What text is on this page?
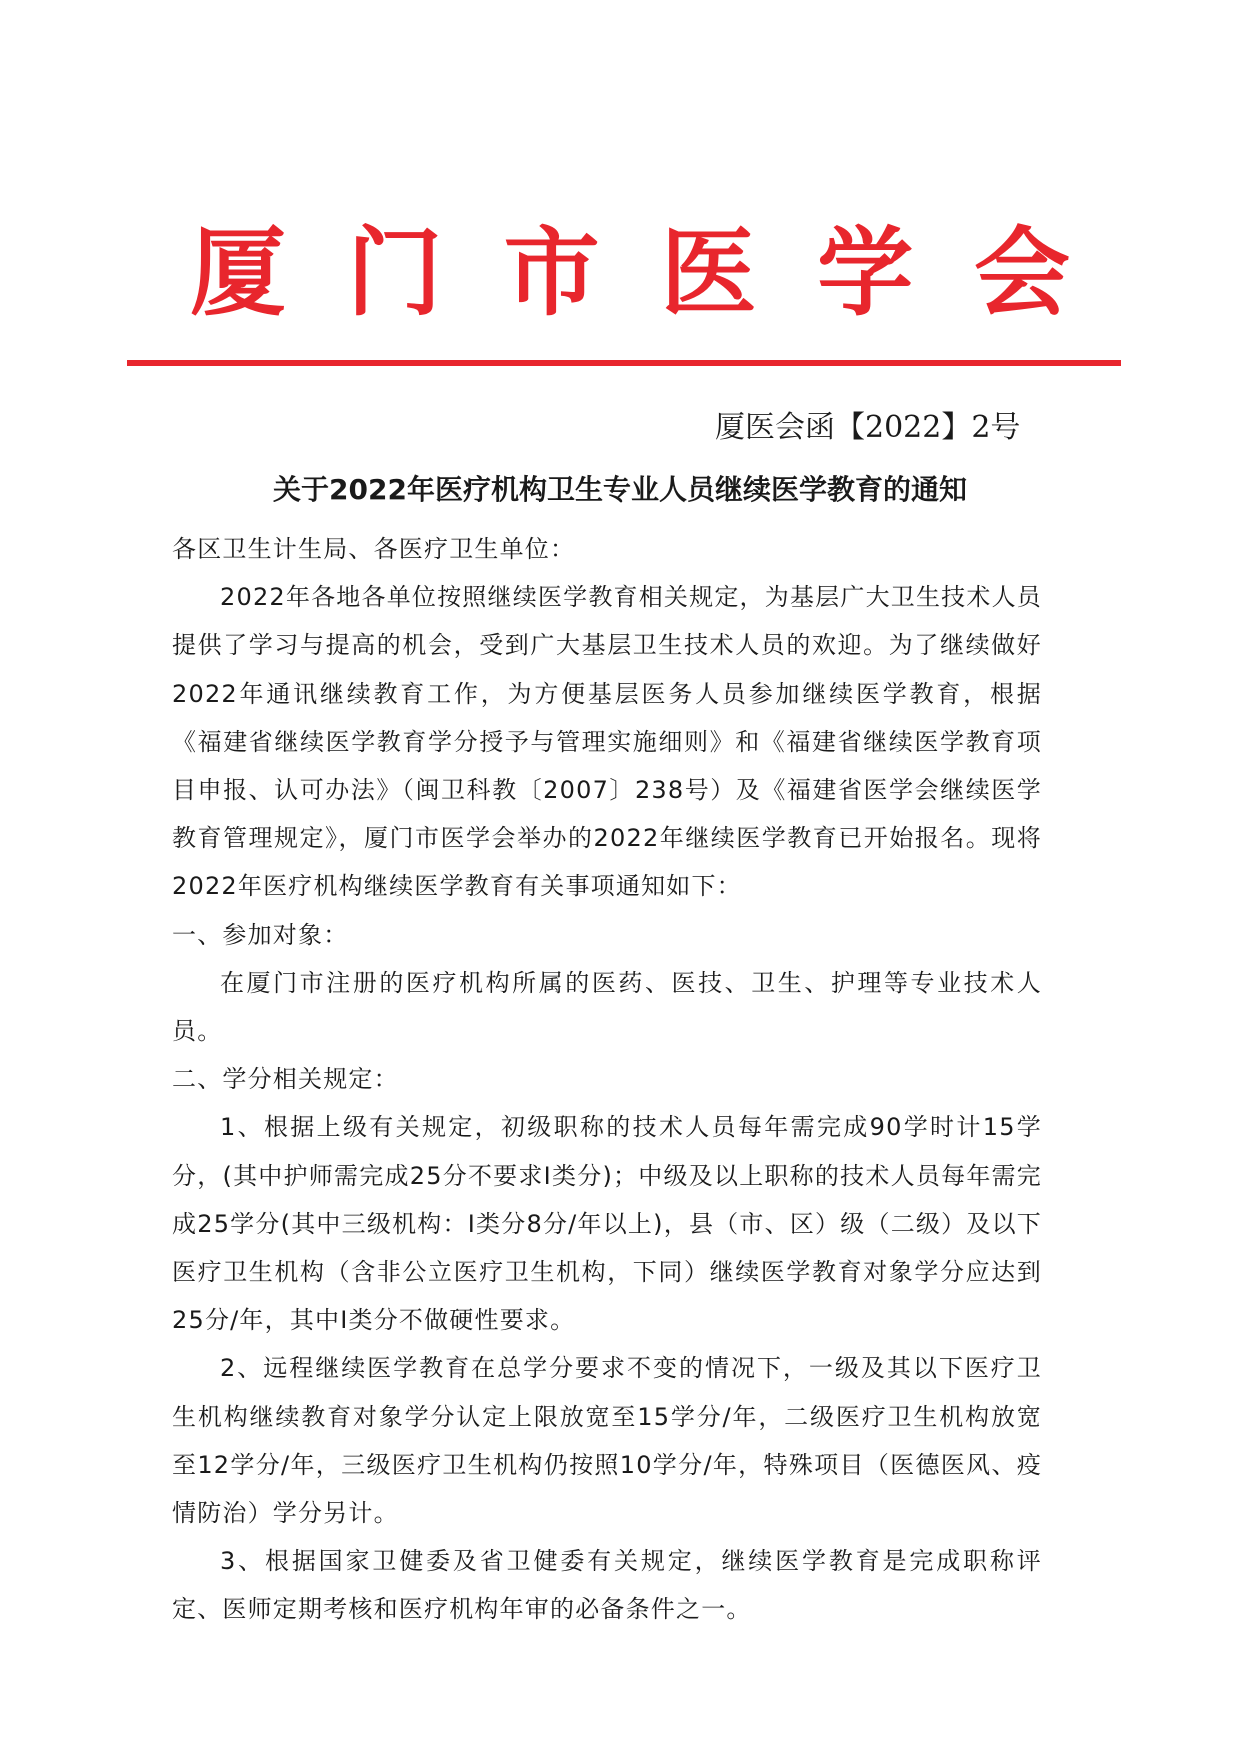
厦 门 市 医 学 会
厦医会函【2022】2号
关于2022年医疗机构卫生专业人员继续医学教育的通知

各区卫生计生局、各医疗卫生单位：

2022年各地各单位按照继续医学教育相关规定，为基层广大卫生技术人员提供了学习与提高的机会，受到广大基层卫生技术人员的欢迎。为了继续做好2022年通讯继续教育工作，为方便基层医务人员参加继续医学教育，根据《福建省继续医学教育学分授予与管理实施细则》和《福建省继续医学教育项目申报、认可办法》（闽卫科教〔2007〕238号）及《福建省医学会继续医学教育管理规定》，厦门市医学会举办的2022年继续医学教育已开始报名。现将2022年医疗机构继续医学教育有关事项通知如下：

一、参加对象：

在厦门市注册的医疗机构所属的医药、医技、卫生、护理等专业技术人员。

二、学分相关规定：

1、根据上级有关规定，初级职称的技术人员每年需完成90学时计15学分，(其中护师需完成25分不要求Ⅰ类分)；中级及以上职称的技术人员每年需完成25学分(其中三级机构：Ⅰ类分8分/年以上)，县（市、区）级（二级）及以下医疗卫生机构（含非公立医疗卫生机构，下同）继续医学教育对象学分应达到25分/年，其中Ⅰ类分不做硬性要求。

2、远程继续医学教育在总学分要求不变的情况下，一级及其以下医疗卫生机构继续教育对象学分认定上限放宽至15学分/年，二级医疗卫生机构放宽至12学分/年，三级医疗卫生机构仍按照10学分/年，特殊项目（医德医风、疫情防治）学分另计。

3、根据国家卫健委及省卫健委有关规定，继续医学教育是完成职称评定、医师定期考核和医疗机构年审的必备条件之一。
